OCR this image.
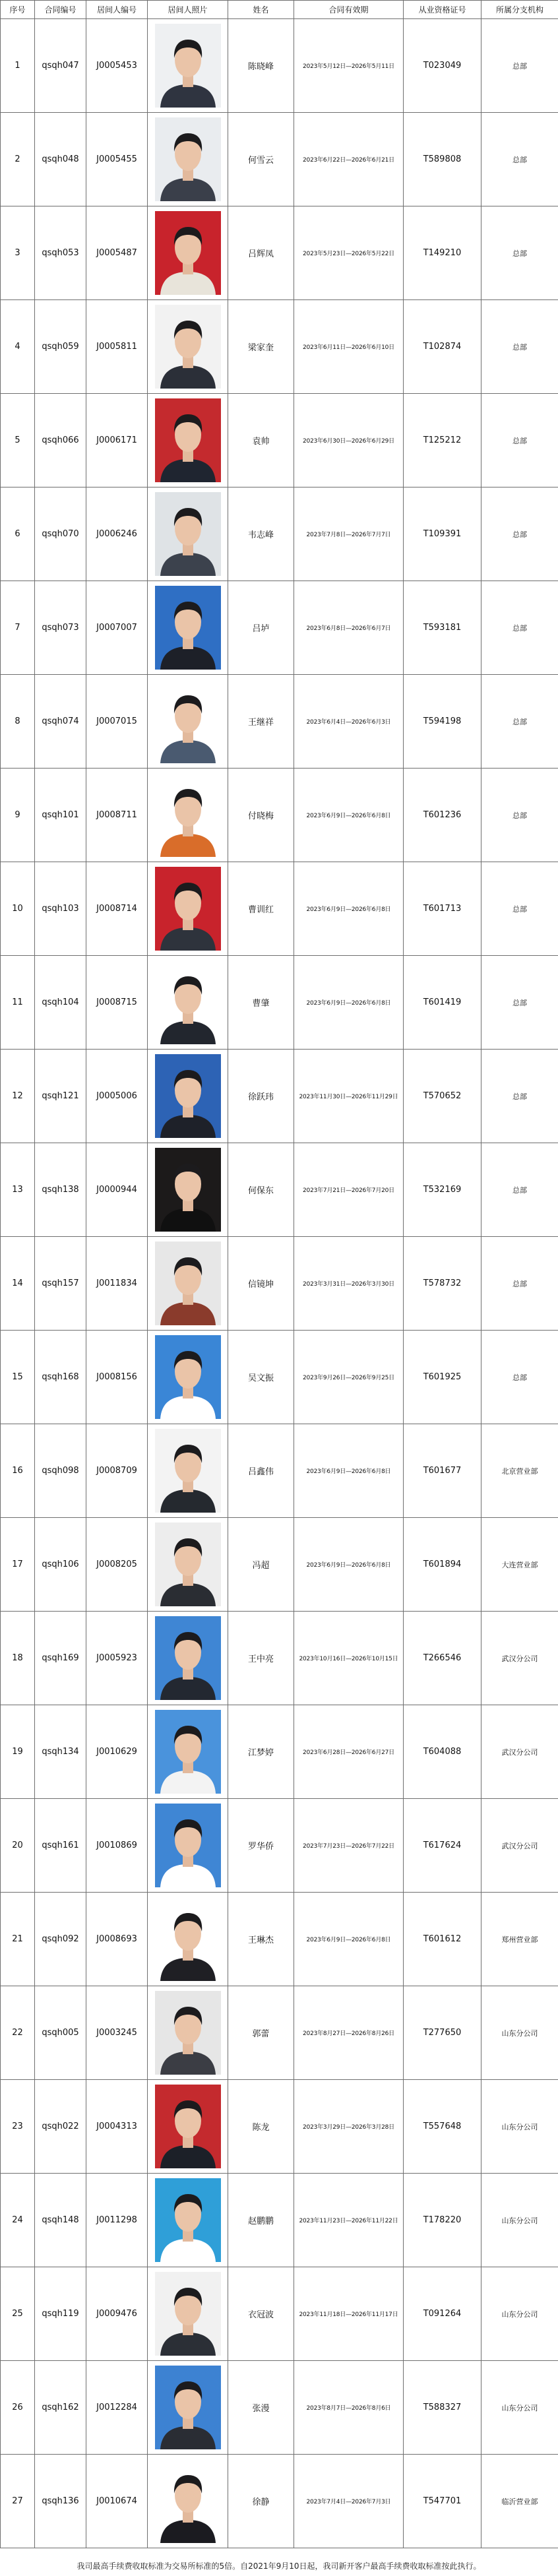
序号	合同编号	居间人编号	居间人照片	姓名	合同有效期	从业资格证号	所属分支机构
1	qsqh047	J0005453		陈晓峰	2023年5月12日—2026年5月11日	T023049	总部
2	qsqh048	J0005455		何雪云	2023年6月22日—2026年6月21日	T589808	总部
3	qsqh053	J0005487		吕辉凤	2023年5月23日—2026年5月22日	T149210	总部
4	qsqh059	J0005811		梁家奎	2023年6月11日—2026年6月10日	T102874	总部
5	qsqh066	J0006171		袁帅	2023年6月30日—2026年6月29日	T125212	总部
6	qsqh070	J0006246		韦志峰	2023年7月8日—2026年7月7日	T109391	总部
7	qsqh073	J0007007		吕垆	2023年6月8日—2026年6月7日	T593181	总部
8	qsqh074	J0007015		王继祥	2023年6月4日—2026年6月3日	T594198	总部
9	qsqh101	J0008711		付晓梅	2023年6月9日—2026年6月8日	T601236	总部
10	qsqh103	J0008714		曹训红	2023年6月9日—2026年6月8日	T601713	总部
11	qsqh104	J0008715		曹肇	2023年6月9日—2026年6月8日	T601419	总部
12	qsqh121	J0005006		徐跃玮	2023年11月30日—2026年11月29日	T570652	总部
13	qsqh138	J0000944		何保东	2023年7月21日—2026年7月20日	T532169	总部
14	qsqh157	J0011834		信镜坤	2023年3月31日—2026年3月30日	T578732	总部
15	qsqh168	J0008156		吴文振	2023年9月26日—2026年9月25日	T601925	总部
16	qsqh098	J0008709		吕鑫伟	2023年6月9日—2026年6月8日	T601677	北京营业部
17	qsqh106	J0008205		冯超	2023年6月9日—2026年6月8日	T601894	大连营业部
18	qsqh169	J0005923		王中亮	2023年10月16日—2026年10月15日	T266546	武汉分公司
19	qsqh134	J0010629		江梦婷	2023年6月28日—2026年6月27日	T604088	武汉分公司
20	qsqh161	J0010869		罗华侨	2023年7月23日—2026年7月22日	T617624	武汉分公司
21	qsqh092	J0008693		王琳杰	2023年6月9日—2026年6月8日	T601612	郑州营业部
22	qsqh005	J0003245		郭蕾	2023年8月27日—2026年8月26日	T277650	山东分公司
23	qsqh022	J0004313		陈龙	2023年3月29日—2026年3月28日	T557648	山东分公司
24	qsqh148	J0011298		赵鹏鹏	2023年11月23日—2026年11月22日	T178220	山东分公司
25	qsqh119	J0009476		衣冠波	2023年11月18日—2026年11月17日	T091264	山东分公司
26	qsqh162	J0012284		张漫	2023年8月7日—2026年8月6日	T588327	山东分公司
27	qsqh136	J0010674		徐静	2023年7月4日—2026年7月3日	T547701	临沂营业部
我司最高手续费收取标准为交易所标准的5倍。自2021年9月10日起，我司新开客户最高手续费收取标准按此执行。
